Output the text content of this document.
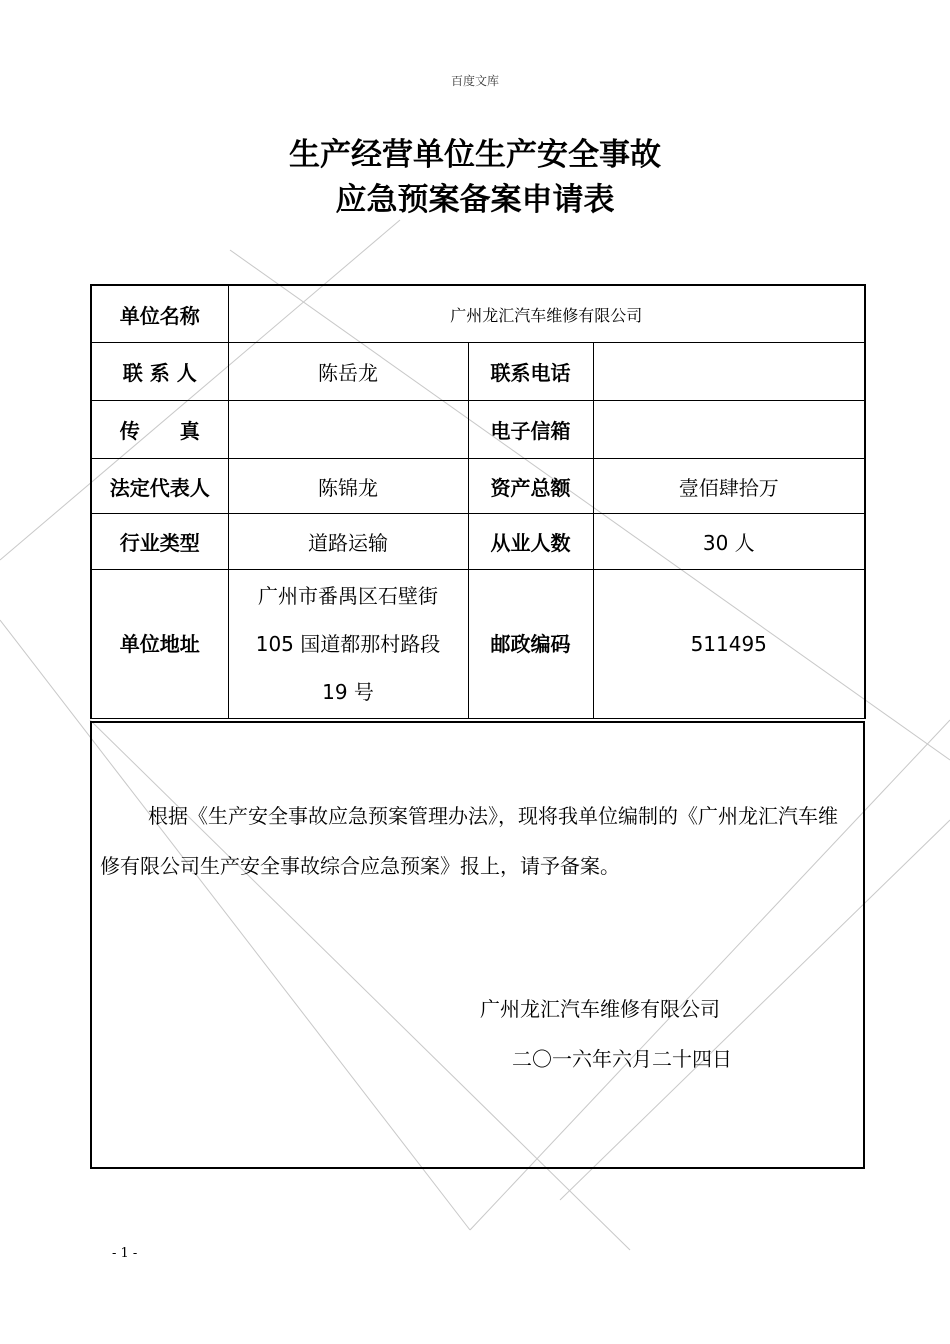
百度文库
生产经营单位生产安全事故
应急预案备案申请表
单位名称	广州龙汇汽车维修有限公司		
联 系 人	陈岳龙	联系电话	
传　　真		电子信箱	
法定代表人	陈锦龙	资产总额	壹佰肆拾万
行业类型	道路运输	从业人数	30 人
单位地址	广州市番禺区石壁街
105 国道都那村路段
19 号	邮政编码	511495
根据《生产安全事故应急预案管理办法》，现将我单位编制的《广州龙汇汽车维修有限公司生产安全事故综合应急预案》报上，请予备案。
广州龙汇汽车维修有限公司
二〇一六年六月二十四日
- 1 -
